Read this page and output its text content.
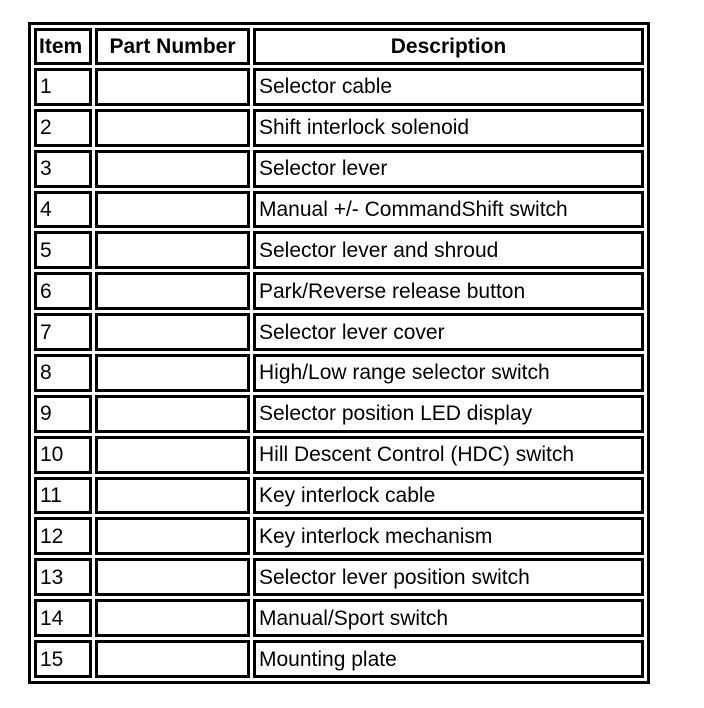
Item	Part Number	Description
1		Selector cable
2		Shift interlock solenoid
3		Selector lever
4		Manual +/- CommandShift switch
5		Selector lever and shroud
6		Park/Reverse release button
7		Selector lever cover
8		High/Low range selector switch
9		Selector position LED display
10		Hill Descent Control (HDC) switch
11		Key interlock cable
12		Key interlock mechanism
13		Selector lever position switch
14		Manual/Sport switch
15		Mounting plate
